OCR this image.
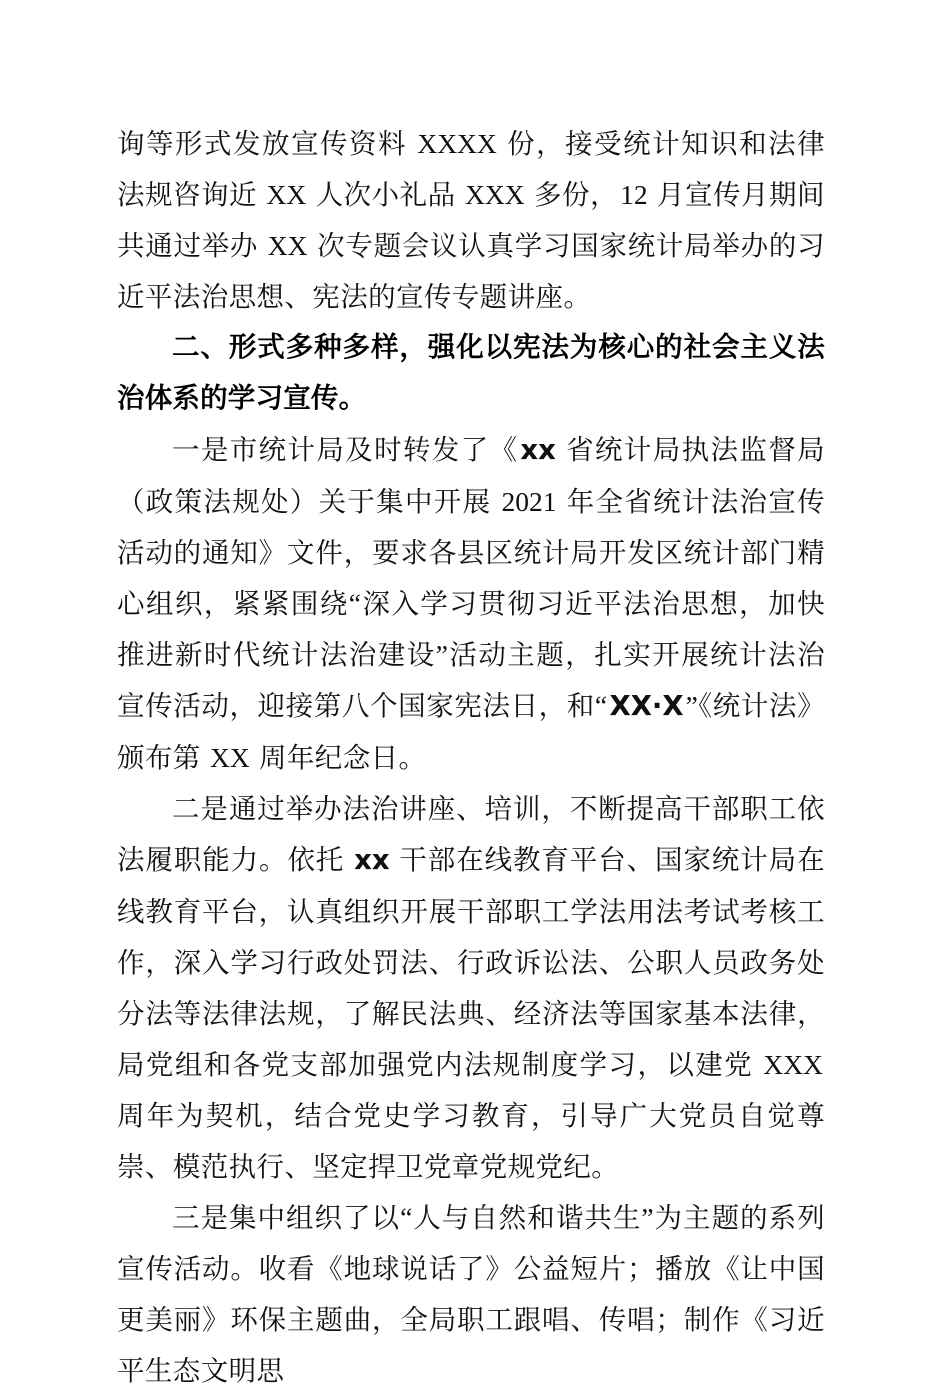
询等形式发放宣传资料 XXXX 份，接受统计知识和法律法规咨询近 XX 人次小礼品 XXX 多份，12 月宣传月期间共通过举办 XX 次专题会议认真学习国家统计局举办的习近平法治思想、宪法的宣传专题讲座。

二、形式多种多样，强化以宪法为核心的社会主义法治体系的学习宣传。

一是市统计局及时转发了《xx 省统计局执法监督局（政策法规处）关于集中开展 2021 年全省统计法治宣传活动的通知》文件，要求各县区统计局开发区统计部门精心组织，紧紧围绕“深入学习贯彻习近平法治思想，加快推进新时代统计法治建设”活动主题，扎实开展统计法治宣传活动，迎接第八个国家宪法日，和“XX·X”《统计法》颁布第 XX 周年纪念日。

二是通过举办法治讲座、培训，不断提高干部职工依法履职能力。依托 xx 干部在线教育平台、国家统计局在线教育平台，认真组织开展干部职工学法用法考试考核工作，深入学习行政处罚法、行政诉讼法、公职人员政务处分法等法律法规，了解民法典、经济法等国家基本法律，局党组和各党支部加强党内法规制度学习，以建党 XXX 周年为契机，结合党史学习教育，引导广大党员自觉尊崇、模范执行、坚定捍卫党章党规党纪。

三是集中组织了以“人与自然和谐共生”为主题的系列宣传活动。收看《地球说话了》公益短片；播放《让中国更美丽》环保主题曲，全局职工跟唱、传唱；制作《习近平生态文明思
